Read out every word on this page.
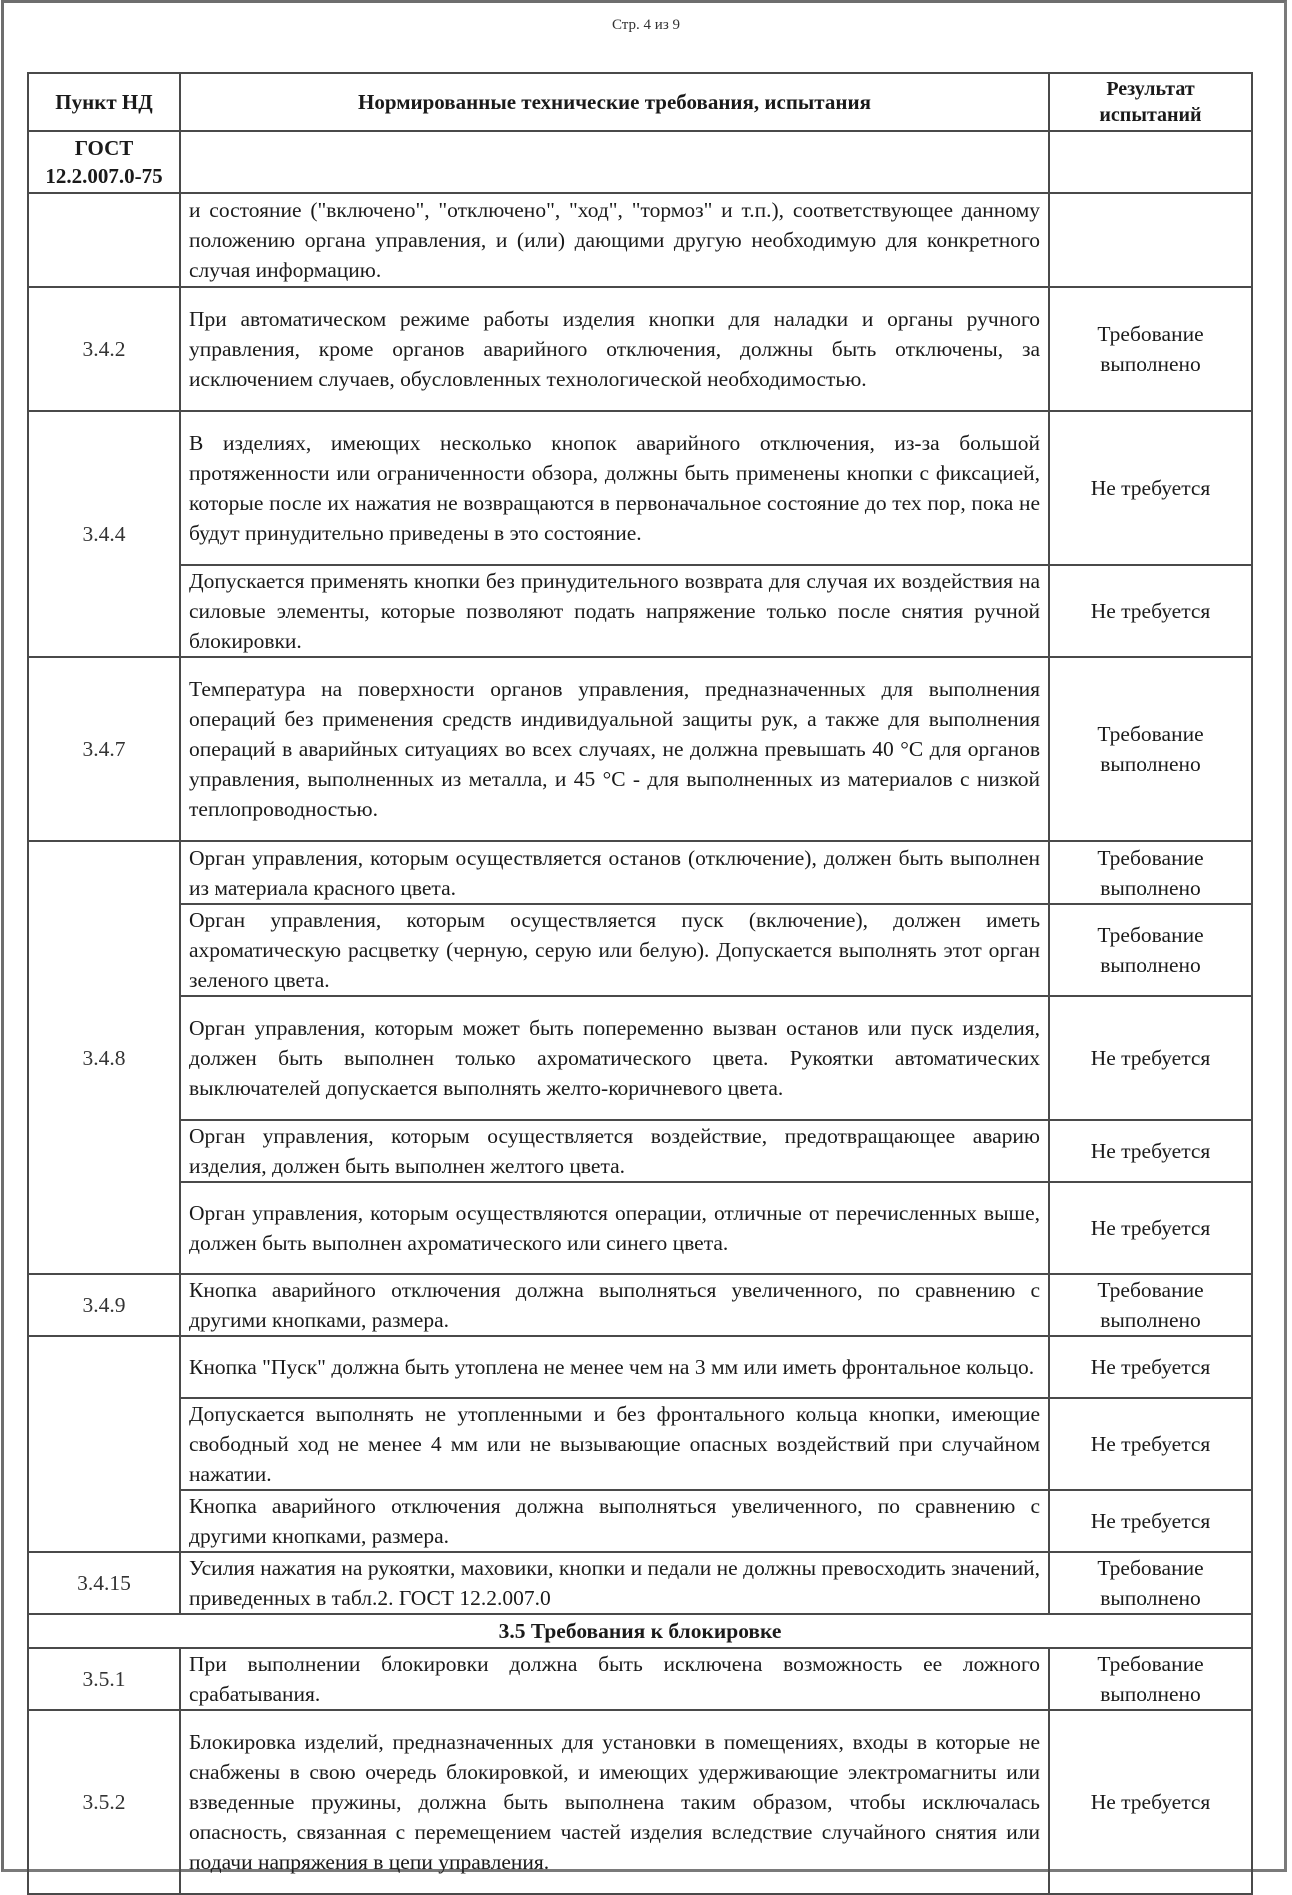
Стр. 4 из 9
Пункт НД	Нормированные технические требования, испытания	Результат испытаний
ГОСТ 12.2.007.0-75		
	и состояние ("включено", "отключено", "ход", "тормоз" и т.п.), соответствующее данному положению органа управления, и (или) дающими другую необходимую для конкретного случая информацию.	
3.4.2	При автоматическом режиме работы изделия кнопки для наладки и органы ручного управления, кроме органов аварийного отключения, должны быть отключены, за исключением случаев, обусловленных технологической необходимостью.	Требование выполнено
3.4.4	В изделиях, имеющих несколько кнопок аварийного отключения, из-за большой протяженности или ограниченности обзора, должны быть применены кнопки с фиксацией, которые после их нажатия не возвращаются в первоначальное состояние до тех пор, пока не будут принудительно приведены в это состояние.	Не требуется
	Допускается применять кнопки без принудительного возврата для случая их воздействия на силовые элементы, которые позволяют подать напряжение только после снятия ручной блокировки.	Не требуется
3.4.7	Температура на поверхности органов управления, предназначенных для выполнения операций без применения средств индивидуальной защиты рук, а также для выполнения операций в аварийных ситуациях во всех случаях, не должна превышать 40 °С для органов управления, выполненных из металла, и 45 °С - для выполненных из материалов с низкой теплопроводностью.	Требование выполнено
3.4.8	Орган управления, которым осуществляется останов (отключение), должен быть выполнен из материала красного цвета.	Требование выполнено
	Орган управления, которым осуществляется пуск (включение), должен иметь ахроматическую расцветку (черную, серую или белую). Допускается выполнять этот орган зеленого цвета.	Требование выполнено
	Орган управления, которым может быть попеременно вызван останов или пуск изделия, должен быть выполнен только ахроматического цвета. Рукоятки автоматических выключателей допускается выполнять желто-коричневого цвета.	Не требуется
	Орган управления, которым осуществляется воздействие, предотвращающее аварию изделия, должен быть выполнен желтого цвета.	Не требуется
	Орган управления, которым осуществляются операции, отличные от перечисленных выше, должен быть выполнен ахроматического или синего цвета.	Не требуется
3.4.9	Кнопка аварийного отключения должна выполняться увеличенного, по сравнению с другими кнопками, размера.	Требование выполнено
	Кнопка "Пуск" должна быть утоплена не менее чем на 3 мм или иметь фронтальное кольцо.	Не требуется
	Допускается выполнять не утопленными и без фронтального кольца кнопки, имеющие свободный ход не менее 4 мм или не вызывающие опасных воздействий при случайном нажатии.	Не требуется
	Кнопка аварийного отключения должна выполняться увеличенного, по сравнению с другими кнопками, размера.	Не требуется
3.4.15	Усилия нажатия на рукоятки, маховики, кнопки и педали не должны превосходить значений, приведенных в табл.2. ГОСТ 12.2.007.0	Требование выполнено
3.5 Требования к блокировке		
3.5.1	При выполнении блокировки должна быть исключена возможность ее ложного срабатывания.	Требование выполнено
3.5.2	Блокировка изделий, предназначенных для установки в помещениях, входы в которые не снабжены в свою очередь блокировкой, и имеющих удерживающие электромагниты или взведенные пружины, должна быть выполнена таким образом, чтобы исключалась опасность, связанная с перемещением частей изделия вследствие случайного снятия или подачи напряжения в цепи управления.	Не требуется
